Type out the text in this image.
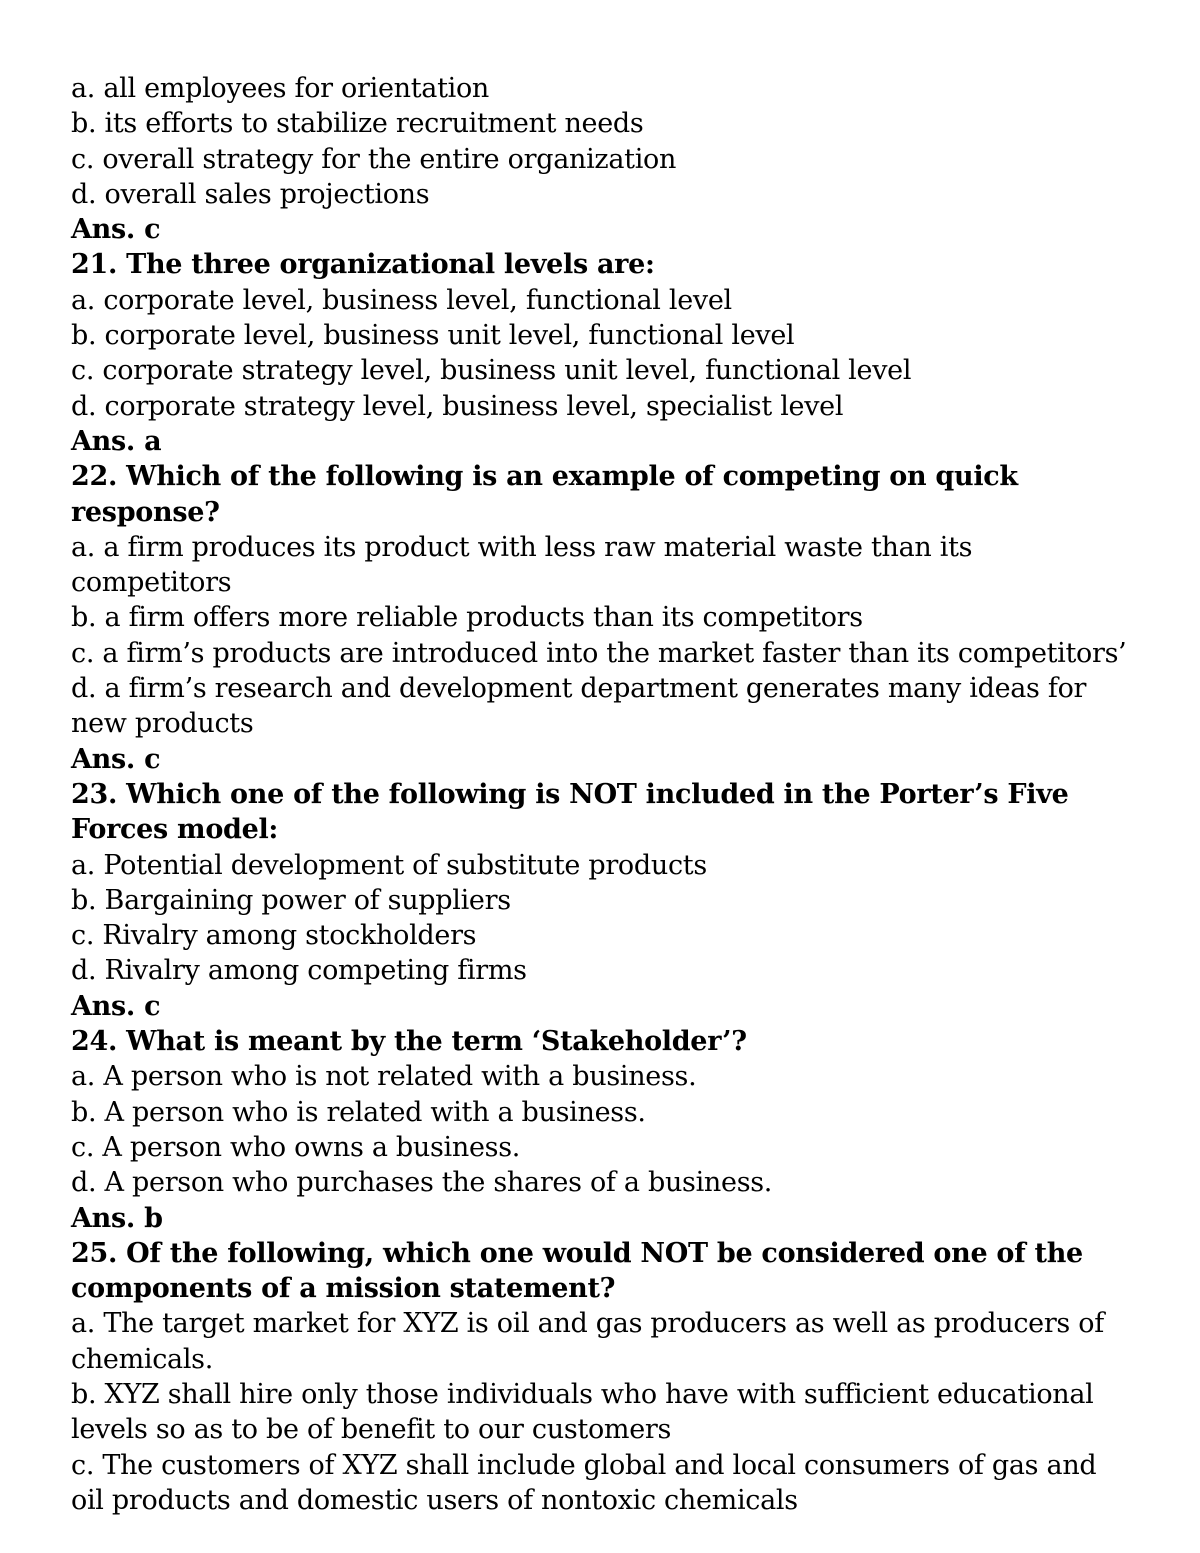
a. all employees for orientation
b. its efforts to stabilize recruitment needs
c. overall strategy for the entire organization
d. overall sales projections
Ans. c
21. The three organizational levels are:
a. corporate level, business level, functional level
b. corporate level, business unit level, functional level
c. corporate strategy level, business unit level, functional level
d. corporate strategy level, business level, specialist level
Ans. a
22. Which of the following is an example of competing on quick response?
a. a firm produces its product with less raw material waste than its competitors
b. a firm offers more reliable products than its competitors
c. a firm’s products are introduced into the market faster than its competitors’
d. a firm’s research and development department generates many ideas for new products
Ans. c
23. Which one of the following is NOT included in the Porter’s Five Forces model:
a. Potential development of substitute products
b. Bargaining power of suppliers
c. Rivalry among stockholders
d. Rivalry among competing firms
Ans. c
24. What is meant by the term ‘Stakeholder’?
a. A person who is not related with a business.
b. A person who is related with a business.
c. A person who owns a business.
d. A person who purchases the shares of a business.
Ans. b
25. Of the following, which one would NOT be considered one of the components of a mission statement?
a. The target market for XYZ is oil and gas producers as well as producers of chemicals.
b. XYZ shall hire only those individuals who have with sufficient educational levels so as to be of benefit to our customers
c. The customers of XYZ shall include global and local consumers of gas and oil products and domestic users of nontoxic chemicals
